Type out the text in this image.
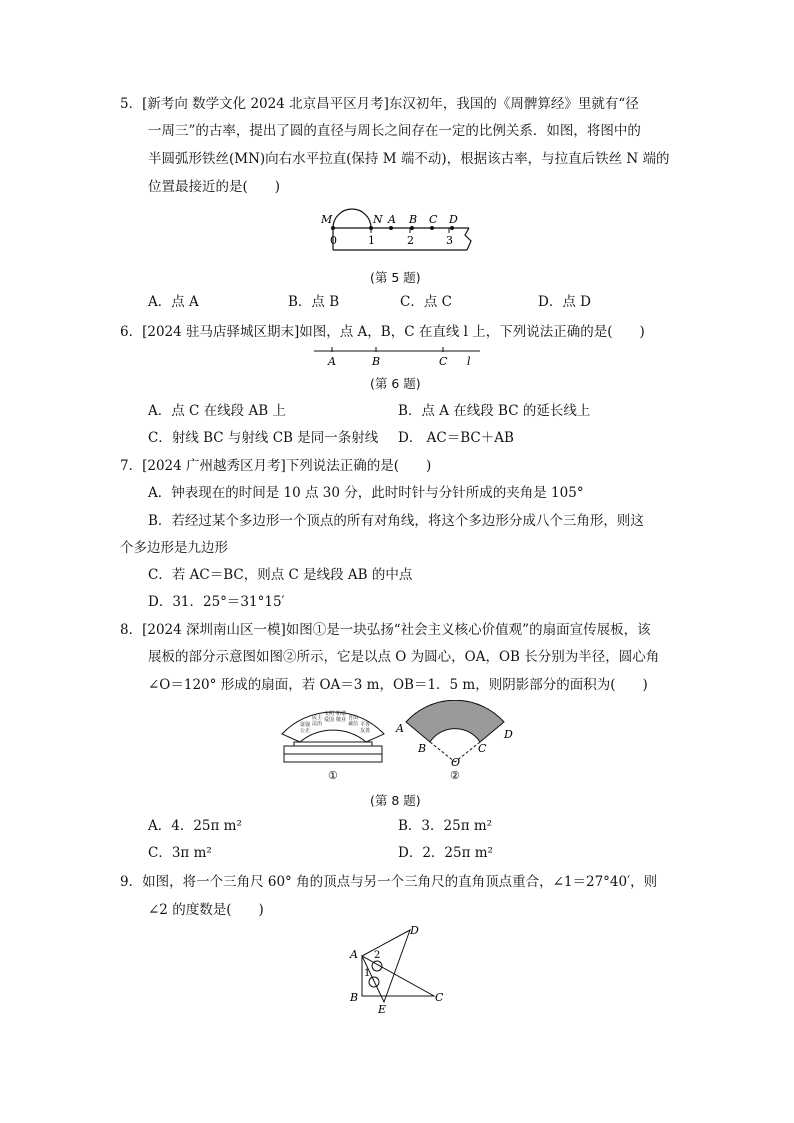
5．[新考向 数学文化 2024 北京昌平区月考]东汉初年，我国的《周髀算经》里就有“径
一周三”的古率，提出了圆的直径与周长之间存在一定的比例关系．如图，将图中的
半圆弧形铁丝(MN)向右水平拉直(保持 M 端不动)，根据该古率，与拉直后铁丝 N 端的
位置最接近的是(　　)
M	N A B C D
0	1	2	3
(第 5 题)
A．点 A	B．点 B	C．点 C	D．点 D
6．[2024 驻马店驿城区期末]如图，点 A，B，C 在直线 l 上，下列说法正确的是(　　)
A	B	C l
(第 6 题)
A．点 C 在线段 AB 上	B．点 A 在线段 BC 的延长线上
C．射线 BC 与射线 CB 是同一条射线 D． AC＝BC＋AB
7．[2024 广州越秀区月考]下列说法正确的是(　　)
A．钟表现在的时间是 10 点 30 分，此时时针与分针所成的夹角是 105°
B．若经过某个多边形一个顶点的所有对角线，将这个多边形分成八个三角形，则这
个多边形是九边形
C．若 AC＝BC，则点 C 是线段 AB 的中点
D．31．25°＝31°15′
8．[2024 深圳南山区一模]如图①是一块弘扬“社会主义核心价值观”的扇面宣传展板，该
展板的部分示意图如图②所示，它是以点 O 为圆心，OA，OB 长分别为半径，圆心角
∠O＝120° 形成的扇面，若 OA＝3 m，OB＝1．5 m，则阴影部分的面积为(　　)
富强
民主
文明 和谐
自由
平等
公正
法治
爱国 敬业
诚信
友善
①
A	D
B	C
O
②
(第 8 题)
A．4．25π m²	B．3．25π m²
C．3π m²	D．2．25π m²
9．如图，将一个三角尺 60° 角的顶点与另一个三角尺的直角顶点重合，∠1＝27°40′，则
∠2 的度数是(　　)
D
A
B
E
C
2
1
